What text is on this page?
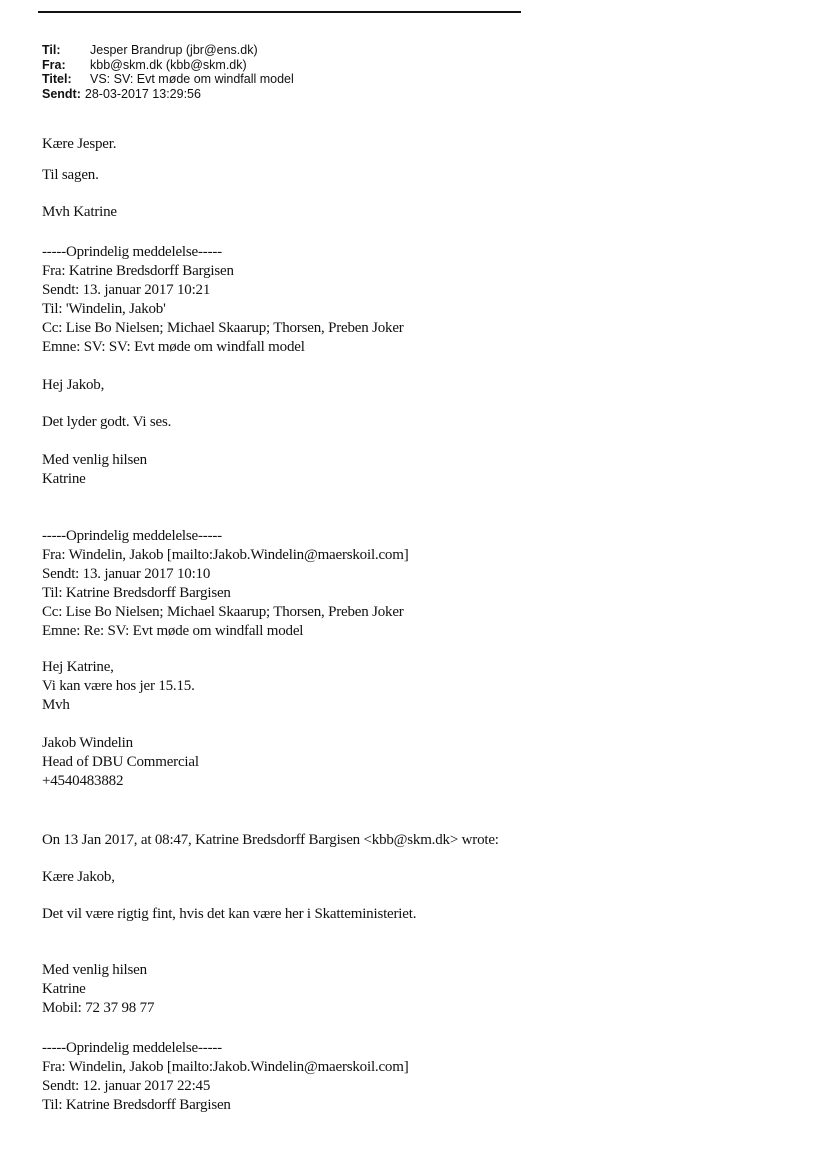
Til: Jesper Brandrup (jbr@ens.dk)
Fra: kbb@skm.dk (kbb@skm.dk)
Titel: VS: SV: Evt møde om windfall model
Sendt: 28-03-2017 13:29:56
Kære Jesper.
Til sagen.
Mvh Katrine
-----Oprindelig meddelelse-----
Fra: Katrine Bredsdorff Bargisen
Sendt: 13. januar 2017 10:21
Til: 'Windelin, Jakob'
Cc: Lise Bo Nielsen; Michael Skaarup; Thorsen, Preben Joker
Emne: SV: SV: Evt møde om windfall model
Hej Jakob,
Det lyder godt. Vi ses.
Med venlig hilsen
Katrine
-----Oprindelig meddelelse-----
Fra: Windelin, Jakob [mailto:Jakob.Windelin@maerskoil.com]
Sendt: 13. januar 2017 10:10
Til: Katrine Bredsdorff Bargisen
Cc: Lise Bo Nielsen; Michael Skaarup; Thorsen, Preben Joker
Emne: Re: SV: Evt møde om windfall model
Hej Katrine,
Vi kan være hos jer 15.15.
Mvh
Jakob Windelin
Head of DBU Commercial
+4540483882
On 13 Jan 2017, at 08:47, Katrine Bredsdorff Bargisen <kbb@skm.dk> wrote:
Kære Jakob,
Det vil være rigtig fint, hvis det kan være her i Skatteministeriet.
Med venlig hilsen
Katrine
Mobil: 72 37 98 77
-----Oprindelig meddelelse-----
Fra: Windelin, Jakob [mailto:Jakob.Windelin@maerskoil.com]
Sendt: 12. januar 2017 22:45
Til: Katrine Bredsdorff Bargisen
